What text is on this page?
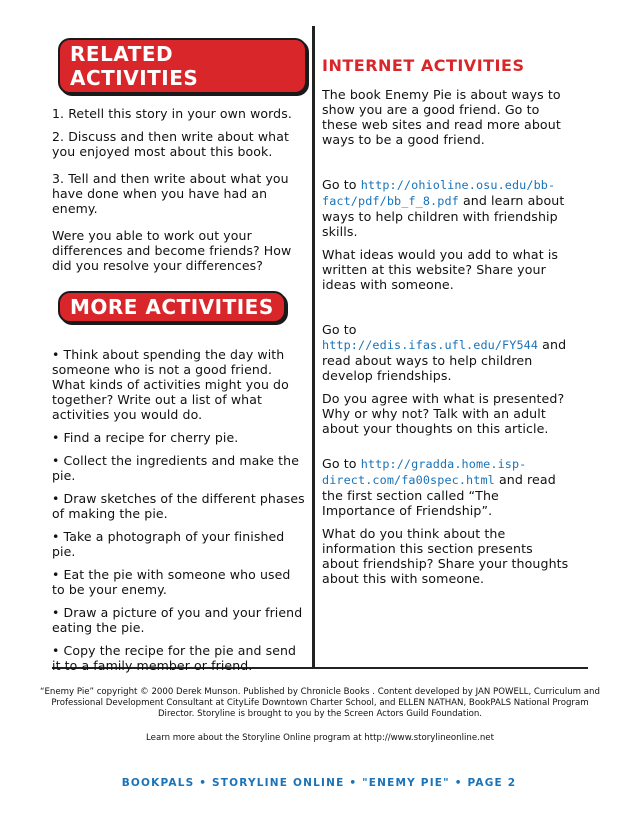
RELATED ACTIVITIES

1. Retell this story in your own words.

2. Discuss and then write about what you enjoyed most about this book.

3. Tell and then write about what you have done when you have had an enemy.

Were you able to work out your differences and become friends? How did you resolve your differences?

MORE ACTIVITIES

• Think about spending the day with someone who is not a good friend. What kinds of activities might you do together? Write out a list of what activities you would do.

• Find a recipe for cherry pie.

• Collect the ingredients and make the pie.

• Draw sketches of the different phases of making the pie.

• Take a photograph of your finished pie.

• Eat the pie with someone who used to be your enemy.

• Draw a picture of you and your friend eating the pie.

• Copy the recipe for the pie and send it to a family member or friend.

INTERNET ACTIVITIES

The book Enemy Pie is about ways to show you are a good friend. Go to these web sites and read more about ways to be a good friend.

Go to http://ohioline.osu.edu/bb-fact/pdf/bb_f_8.pdf and learn about ways to help children with friendship skills.

What ideas would you add to what is written at this website? Share your ideas with someone.

Go to http://edis.ifas.ufl.edu/FY544 and read about ways to help children develop friendships.

Do you agree with what is presented? Why or why not? Talk with an adult about your thoughts on this article.

Go to http://gradda.home.isp-direct.com/fa00spec.html and read the first section called “The Importance of Friendship”.

What do you think about the information this section presents about friendship? Share your thoughts about this with someone.

“Enemy Pie” copyright © 2000 Derek Munson. Published by Chronicle Books . Content developed by JAN POWELL, Curriculum and Professional Development Consultant at CityLife Downtown Charter School, and ELLEN NATHAN, BookPALS National Program Director. Storyline is brought to you by the Screen Actors Guild Foundation.
Learn more about the Storyline Online program at http://www.storylineonline.net
BOOKPALS • STORYLINE ONLINE • "ENEMY PIE" • PAGE 2
